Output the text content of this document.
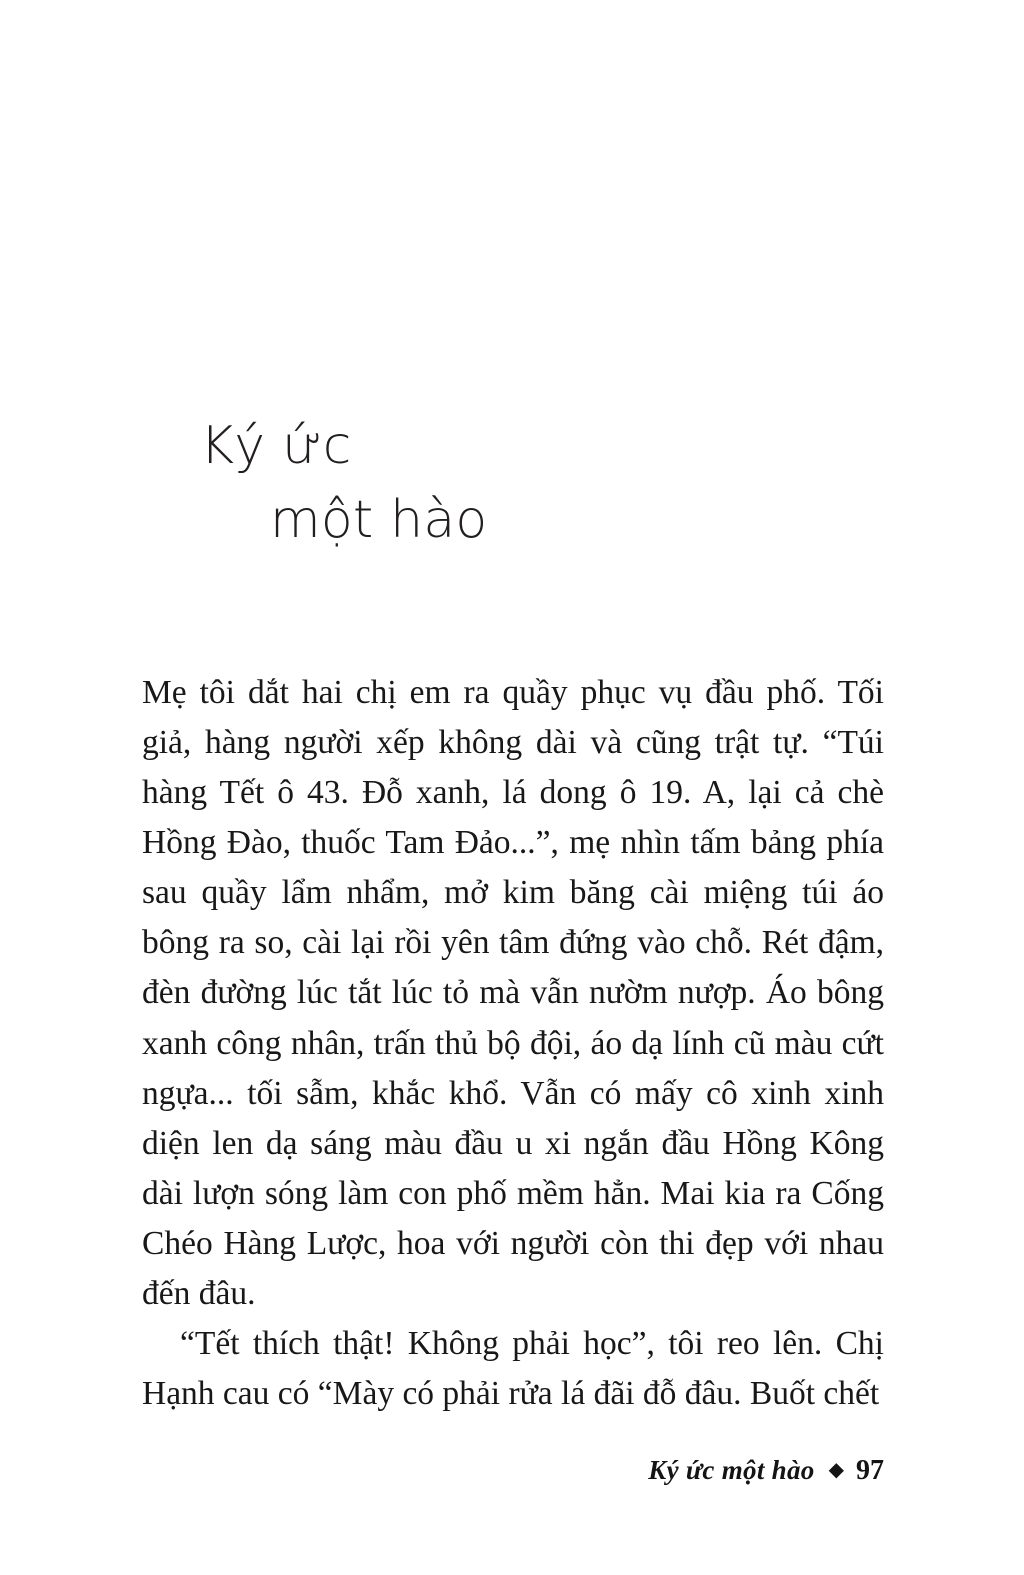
Ký ức
một hào

Mẹ tôi dắt hai chị em ra quầy phục vụ đầu phố. Tối giả, hàng người xếp không dài và cũng trật tự. “Túi hàng Tết ô 43. Đỗ xanh, lá dong ô 19. A, lại cả chè Hồng Đào, thuốc Tam Đảo...”, mẹ nhìn tấm bảng phía sau quầy lẩm nhẩm, mở kim băng cài miệng túi áo bông ra so, cài lại rồi yên tâm đứng vào chỗ. Rét đậm, đèn đường lúc tắt lúc tỏ mà vẫn nườm nượp. Áo bông xanh công nhân, trấn thủ bộ đội, áo dạ lính cũ màu cứt ngựa... tối sẫm, khắc khổ. Vẫn có mấy cô xinh xinh diện len dạ sáng màu đầu u xi ngắn đầu Hồng Kông dài lượn sóng làm con phố mềm hẳn. Mai kia ra Cống Chéo Hàng Lược, hoa với người còn thi đẹp với nhau đến đâu.

“Tết thích thật! Không phải học”, tôi reo lên. Chị Hạnh cau có “Mày có phải rửa lá đãi đỗ đâu. Buốt chết

Ký ức một hào ◆ 97
